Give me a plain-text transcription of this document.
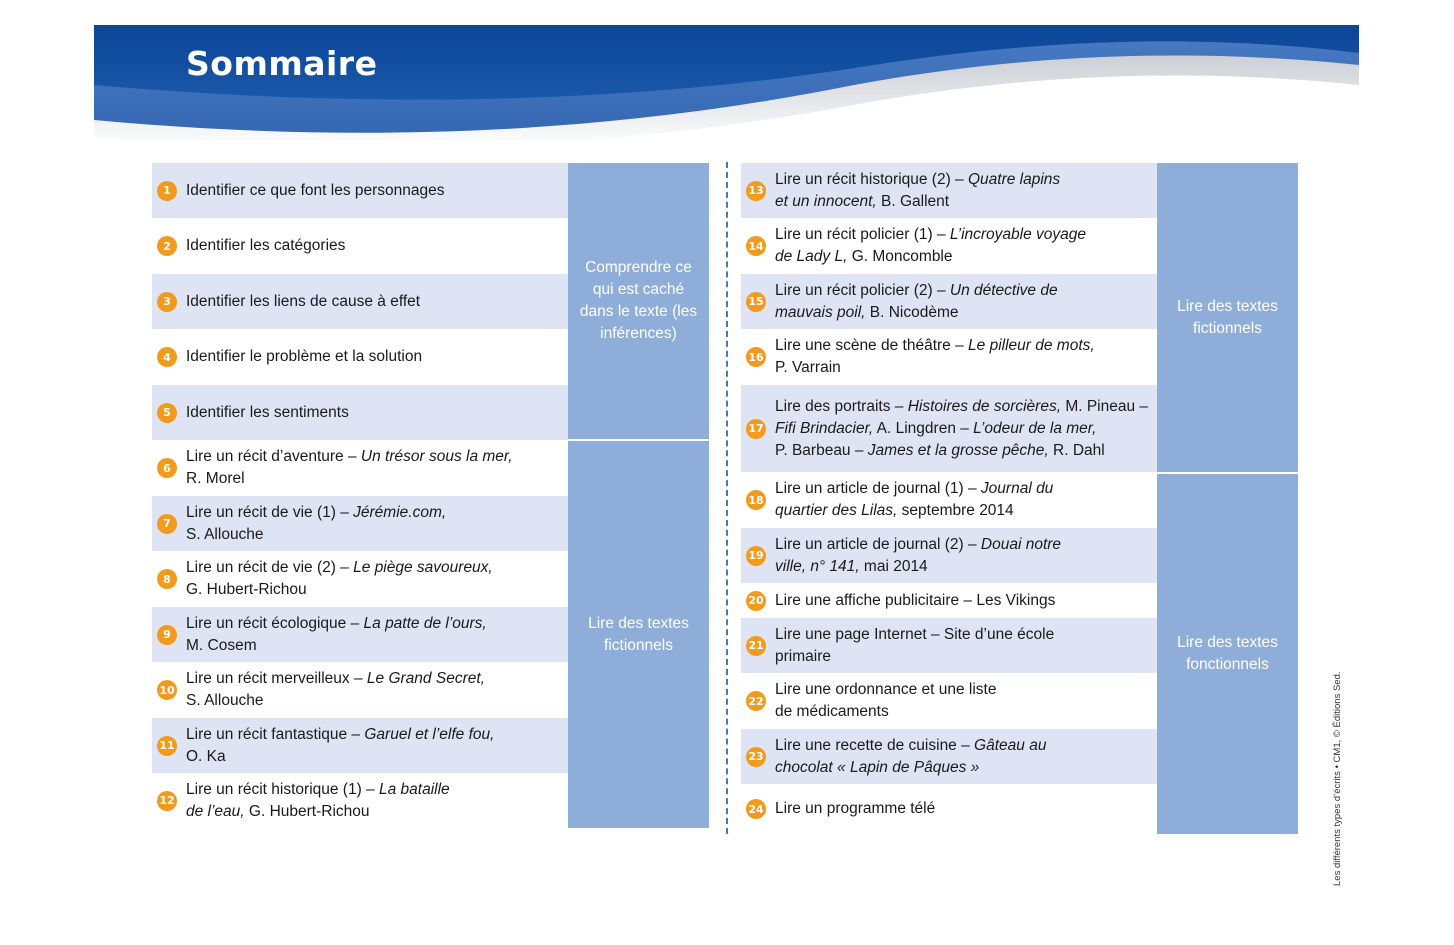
Sommaire
1 Identifier ce que font les personnages
2 Identifier les catégories
3 Identifier les liens de cause à effet
4 Identifier le problème et la solution
5 Identifier les sentiments
6
Lire un récit d’aventure – Un trésor sous la mer,
R. Morel
7
Lire un récit de vie (1) – Jérémie.com,
S. Allouche
8
Lire un récit de vie (2) – Le piège savoureux,
G. Hubert-Richou
9
Lire un récit écologique – La patte de l’ours,
M. Cosem
10
Lire un récit merveilleux – Le Grand Secret,
S. Allouche
11
Lire un récit fantastique – Garuel et l’elfe fou,
O. Ka
12
Lire un récit historique (1) – La bataille
de l’eau, G. Hubert-Richou
Comprendre ce qui est caché dans le texte (les inférences)
Lire des textes fictionnels
13
Lire un récit historique (2) – Quatre lapins
et un innocent, B. Gallent
14
Lire un récit policier (1) – L’incroyable voyage
de Lady L, G. Moncomble
15
Lire un récit policier (2) – Un détective de
mauvais poil, B. Nicodème
16
Lire une scène de théâtre – Le pilleur de mots,
P. Varrain
17
Lire des portraits – Histoires de sorcières, M. Pineau –
Fifi Brindacier, A. Lingdren – L’odeur de la mer,
P. Barbeau – James et la grosse pêche, R. Dahl
18
Lire un article de journal (1) – Journal du
quartier des Lilas, septembre 2014
19
Lire un article de journal (2) – Douai notre
ville, n° 141, mai 2014
20 Lire une affiche publicitaire – Les Vikings
21
Lire une page Internet – Site d’une école
primaire
22
Lire une ordonnance et une liste
de médicaments
23
Lire une recette de cuisine – Gâteau au
chocolat « Lapin de Pâques »
24 Lire un programme télé
Lire des textes fictionnels
Lire des textes fonctionnels
Les différents types d’écrits • CM1, © Éditions Sed.
